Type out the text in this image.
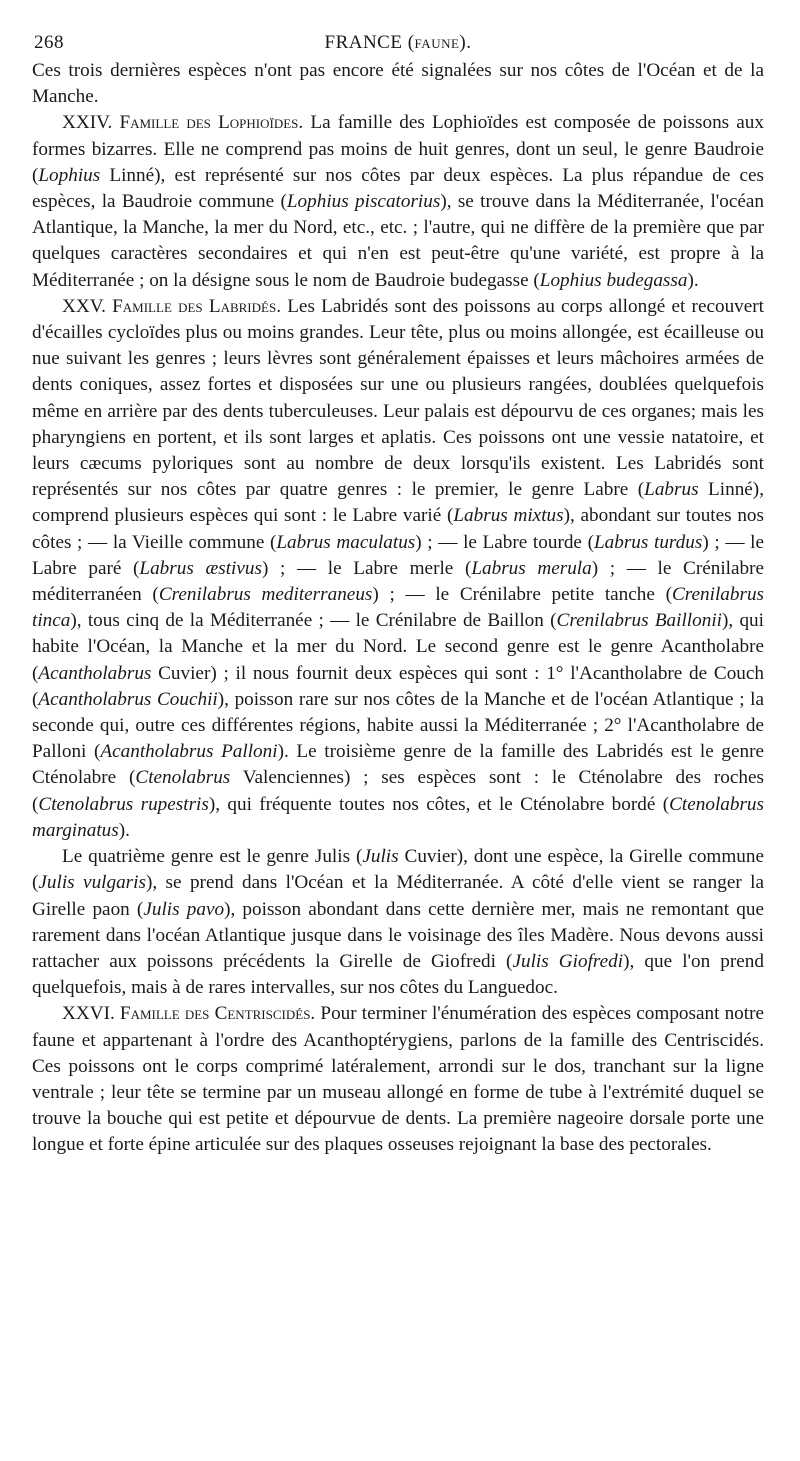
268	FRANCE (faune).

Ces trois dernières espèces n'ont pas encore été signalées sur nos côtes de l'Océan et de la Manche.

XXIV. Famille des Lophioïdes. La famille des Lophioïdes est composée de poissons aux formes bizarres. Elle ne comprend pas moins de huit genres, dont un seul, le genre Baudroie (Lophius Linné), est représenté sur nos côtes par deux espèces. La plus répandue de ces espèces, la Baudroie commune (Lophius piscatorius), se trouve dans la Méditerranée, l'océan Atlantique, la Manche, la mer du Nord, etc., etc. ; l'autre, qui ne diffère de la première que par quelques caractères secondaires et qui n'en est peut-être qu'une variété, est propre à la Méditerranée ; on la désigne sous le nom de Baudroie budegasse (Lophius budegassa).

XXV. Famille des Labridés. Les Labridés sont des poissons au corps allongé et recouvert d'écailles cycloïdes plus ou moins grandes. Leur tête, plus ou moins allongée, est écailleuse ou nue suivant les genres ; leurs lèvres sont généralement épaisses et leurs mâchoires armées de dents coniques, assez fortes et disposées sur une ou plusieurs rangées, doublées quelquefois même en arrière par des dents tuberculeuses. Leur palais est dépourvu de ces organes; mais les pharyngiens en portent, et ils sont larges et aplatis. Ces poissons ont une vessie natatoire, et leurs cæcums pyloriques sont au nombre de deux lorsqu'ils existent. Les Labridés sont représentés sur nos côtes par quatre genres : le premier, le genre Labre (Labrus Linné), comprend plusieurs espèces qui sont : le Labre varié (Labrus mixtus), abondant sur toutes nos côtes ; — la Vieille commune (Labrus maculatus) ; — le Labre tourde (Labrus turdus) ; — le Labre paré (Labrus æstivus) ; — le Labre merle (Labrus merula) ; — le Crénilabre méditerranéen (Crenilabrus mediterraneus) ; — le Crénilabre petite tanche (Crenilabrus tinca), tous cinq de la Méditerranée ; — le Crénilabre de Baillon (Crenilabrus Baillonii), qui habite l'Océan, la Manche et la mer du Nord. Le second genre est le genre Acantholabre (Acantholabrus Cuvier) ; il nous fournit deux espèces qui sont : 1° l'Acantholabre de Couch (Acantholabrus Couchii), poisson rare sur nos côtes de la Manche et de l'océan Atlantique ; la seconde qui, outre ces différentes régions, habite aussi la Méditerranée ; 2° l'Acantholabre de Palloni (Acantholabrus Palloni). Le troisième genre de la famille des Labridés est le genre Cténolabre (Ctenolabrus Valenciennes) ; ses espèces sont : le Cténolabre des roches (Ctenolabrus rupestris), qui fréquente toutes nos côtes, et le Cténolabre bordé (Ctenolabrus marginatus).

Le quatrième genre est le genre Julis (Julis Cuvier), dont une espèce, la Girelle commune (Julis vulgaris), se prend dans l'Océan et la Méditerranée. A côté d'elle vient se ranger la Girelle paon (Julis pavo), poisson abondant dans cette dernière mer, mais ne remontant que rarement dans l'océan Atlantique jusque dans le voisinage des îles Madère. Nous devons aussi rattacher aux poissons précédents la Girelle de Giofredi (Julis Giofredi), que l'on prend quelquefois, mais à de rares intervalles, sur nos côtes du Languedoc.

XXVI. Famille des Centriscidés. Pour terminer l'énumération des espèces composant notre faune et appartenant à l'ordre des Acanthoptérygiens, parlons de la famille des Centriscidés. Ces poissons ont le corps comprimé latéralement, arrondi sur le dos, tranchant sur la ligne ventrale ; leur tête se termine par un museau allongé en forme de tube à l'extrémité duquel se trouve la bouche qui est petite et dépourvue de dents. La première nageoire dorsale porte une longue et forte épine articulée sur des plaques osseuses rejoignant la base des pectorales.
